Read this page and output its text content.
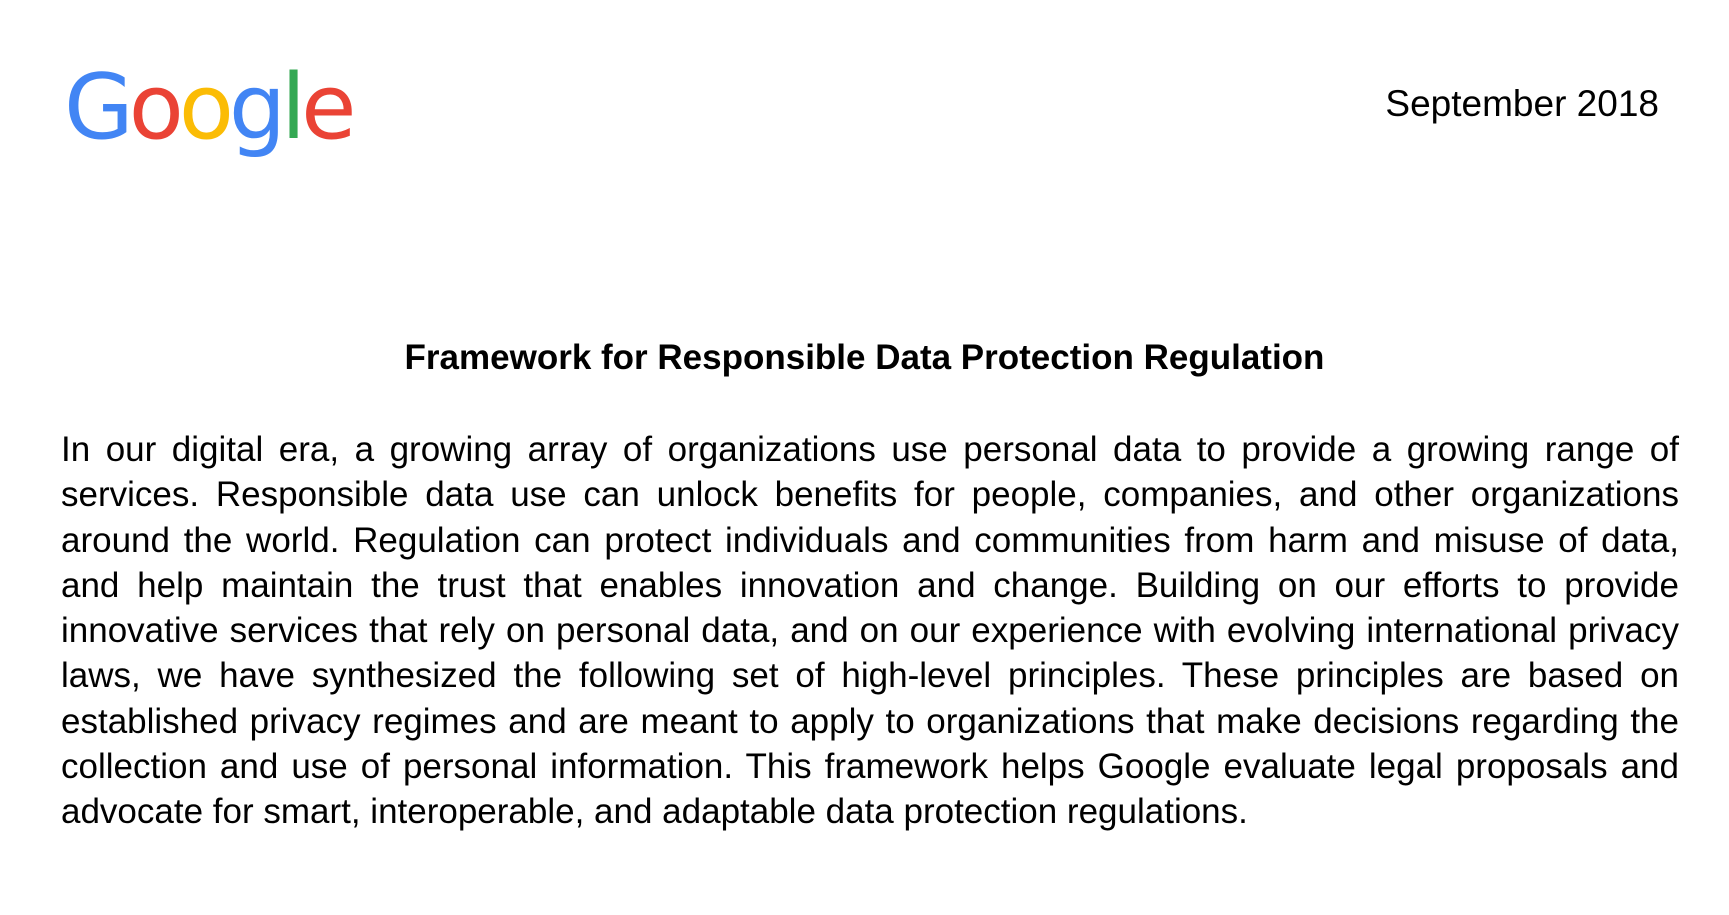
Google	September 2018
Framework for Responsible Data Protection Regulation

In our digital era, a growing array of organizations use personal data to provide a growing range of services. Responsible data use can unlock benefits for people, companies, and other organizations around the world. Regulation can protect individuals and communities from harm and misuse of data, and help maintain the trust that enables innovation and change. Building on our efforts to provide innovative services that rely on personal data, and on our experience with evolving international privacy laws, we have synthesized the following set of high-level principles. These principles are based on established privacy regimes and are meant to apply to organizations that make decisions regarding the collection and use of personal information. This framework helps Google evaluate legal proposals and advocate for smart, interoperable, and adaptable data protection regulations.
